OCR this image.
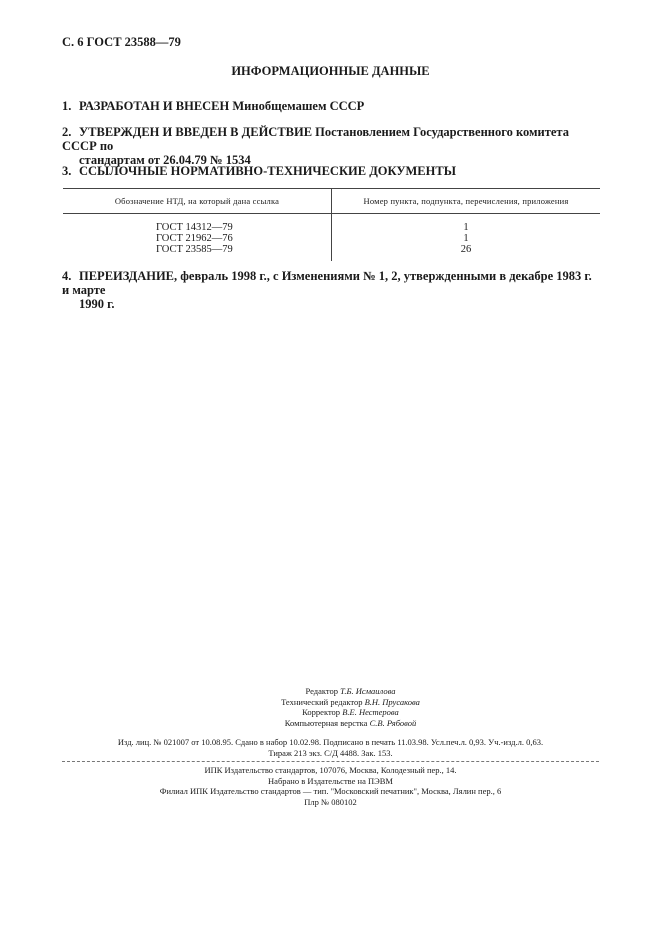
С. 6 ГОСТ 23588—79
ИНФОРМАЦИОННЫЕ ДАННЫЕ
1. РАЗРАБОТАН И ВНЕСЕН Минобщемашем СССР
2. УТВЕРЖДЕН И ВВЕДЕН В ДЕЙСТВИЕ Постановлением Государственного комитета СССР по
стандартам от 26.04.79 № 1534
3. ССЫЛОЧНЫЕ НОРМАТИВНО-ТЕХНИЧЕСКИЕ ДОКУМЕНТЫ
Обозначение НТД, на который дана ссылка	Номер пункта, подпункта, перечисления, приложения
ГОСТ 14312—79	1
ГОСТ 21962—76	1
ГОСТ 23585—79	26
4. ПЕРЕИЗДАНИЕ, февраль 1998 г., с Изменениями № 1, 2, утвержденными в декабре 1983 г. и марте
1990 г.
Редактор Т.Б. Исмаилова
Технический редактор В.Н. Прусакова
Корректор В.Е. Нестерова
Компьютерная верстка С.В. Рябовой
Изд. лиц. № 021007 от 10.08.95. Сдано в набор 10.02.98. Подписано в печать 11.03.98. Усл.печ.л. 0,93. Уч.-изд.л. 0,63.
Тираж 213 экз. С/Д 4488. Зак. 153.
ИПК Издательство стандартов, 107076, Москва, Колодезный пер., 14.
Набрано в Издательстве на ПЭВМ
Филиал ИПК Издательство стандартов — тип. "Московский печатник", Москва, Лялин пер., 6
Плр № 080102
